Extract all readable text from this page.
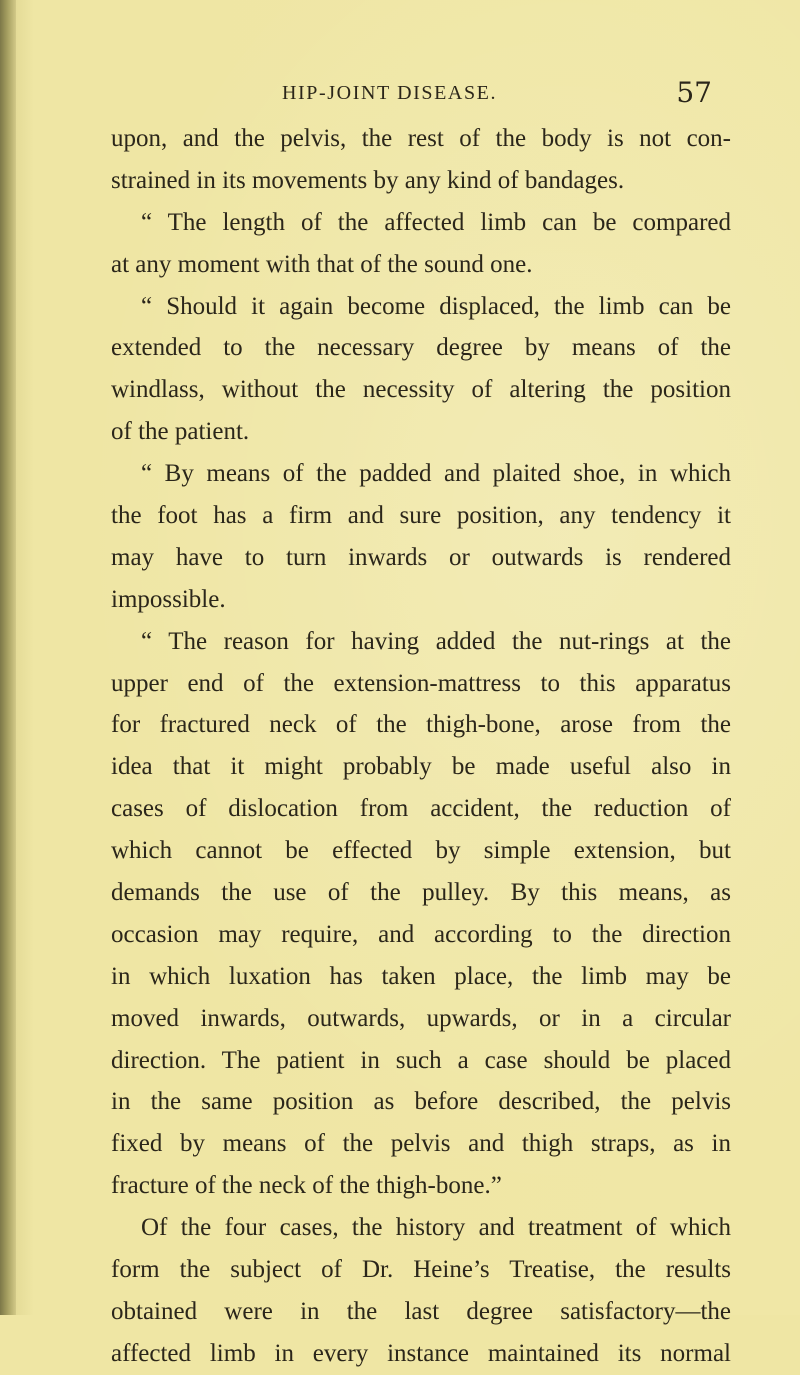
HIP-JOINT DISEASE.	57
upon, and the pelvis, the rest of the body is not con-
strained in its movements by any kind of bandages.
“ The length of the affected limb can be compared
at any moment with that of the sound one.
“ Should it again become displaced, the limb can be
extended to the necessary degree by means of the
windlass, without the necessity of altering the position
of the patient.
“ By means of the padded and plaited shoe, in which
the foot has a firm and sure position, any tendency it
may have to turn inwards or outwards is rendered
impossible.
“ The reason for having added the nut-rings at the
upper end of the extension-mattress to this apparatus
for fractured neck of the thigh-bone, arose from the
idea that it might probably be made useful also in
cases of dislocation from accident, the reduction of
which cannot be effected by simple extension, but
demands the use of the pulley. By this means, as
occasion may require, and according to the direction
in which luxation has taken place, the limb may be
moved inwards, outwards, upwards, or in a circular
direction. The patient in such a case should be placed
in the same position as before described, the pelvis
fixed by means of the pelvis and thigh straps, as in
fracture of the neck of the thigh-bone.”
Of the four cases, the history and treatment of which
form the subject of Dr. Heine’s Treatise, the results
obtained were in the last degree satisfactory—the
affected limb in every instance maintained its normal
